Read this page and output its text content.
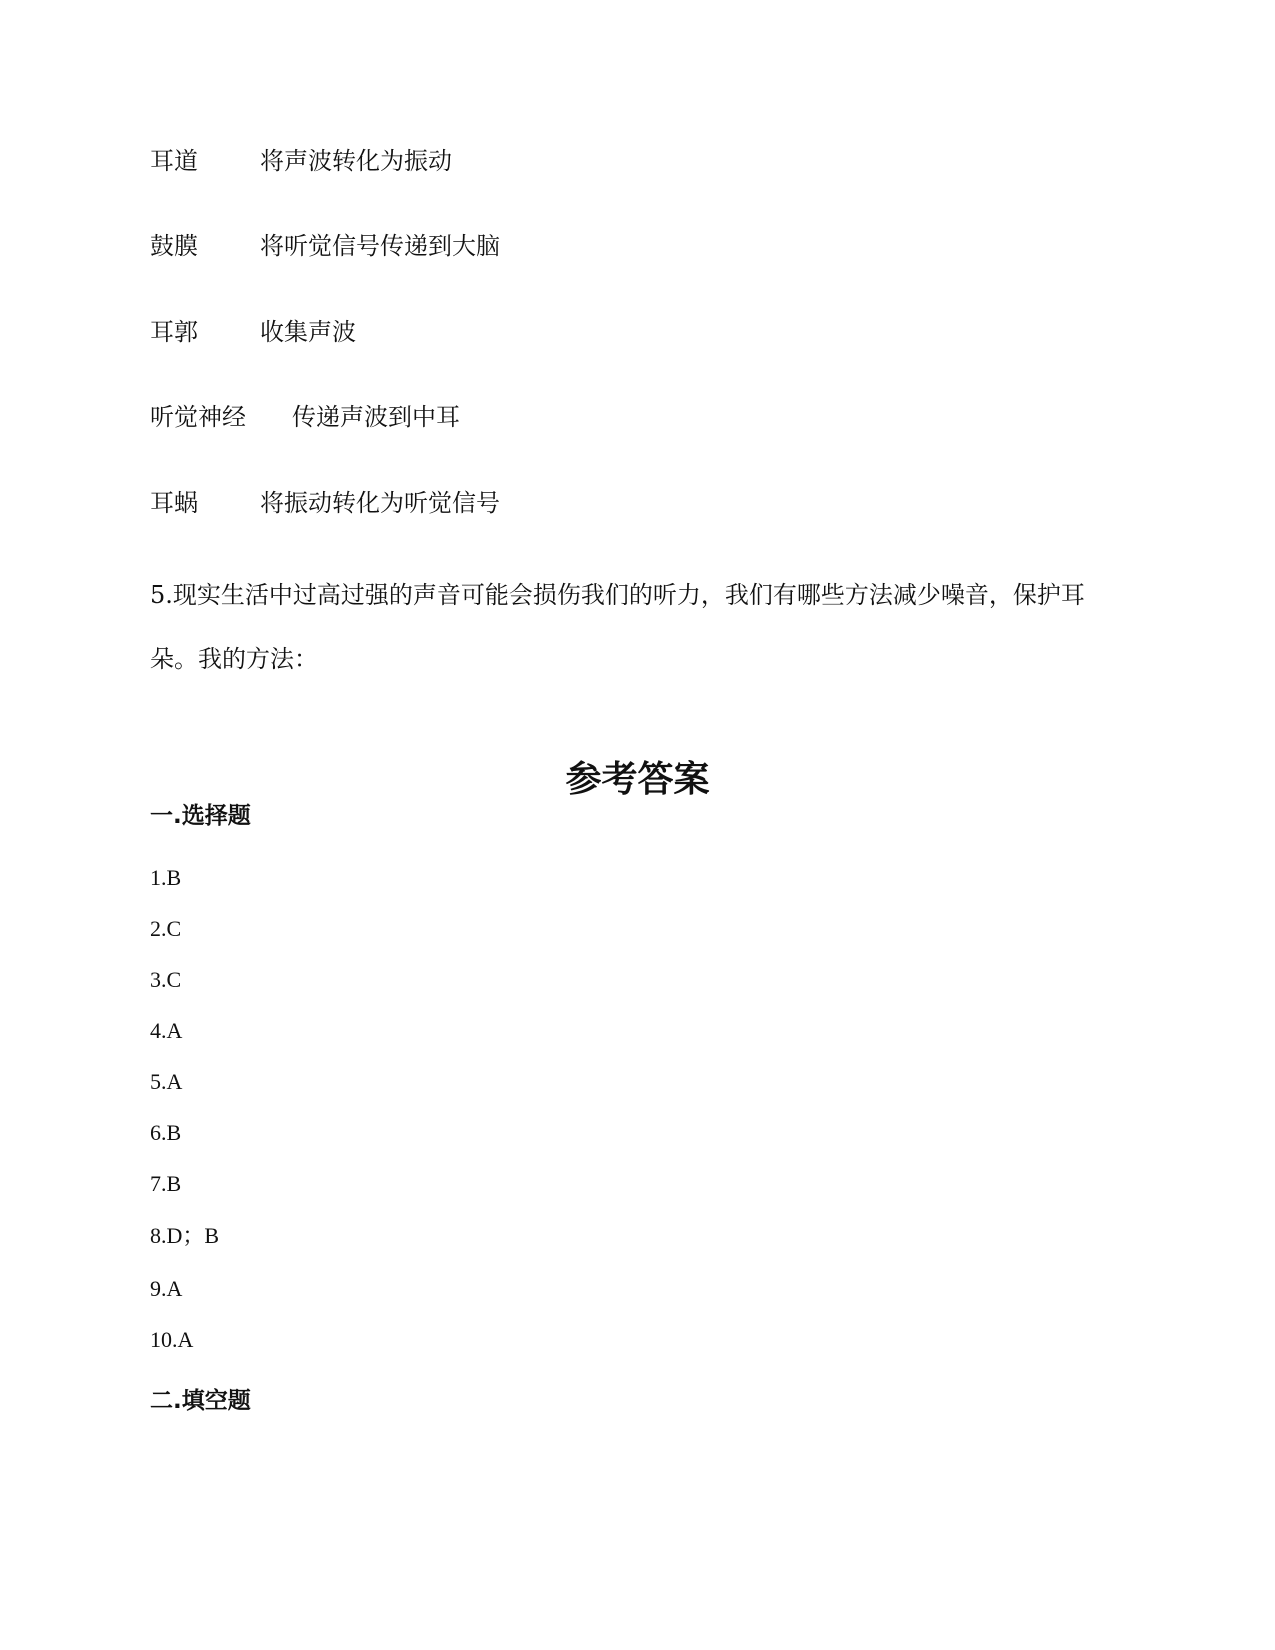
耳道	将声波转化为振动
鼓膜	将听觉信号传递到大脑
耳郭	收集声波
听觉神经 传递声波到中耳
耳蜗	将振动转化为听觉信号
5.现实生活中过高过强的声音可能会损伤我们的听力，我们有哪些方法减少噪音，保护耳朵。我的方法：
参考答案
一.选择题
1.B
2.C
3.C
4.A
5.A
6.B
7.B
8.D；B
9.A
10.A
二.填空题
